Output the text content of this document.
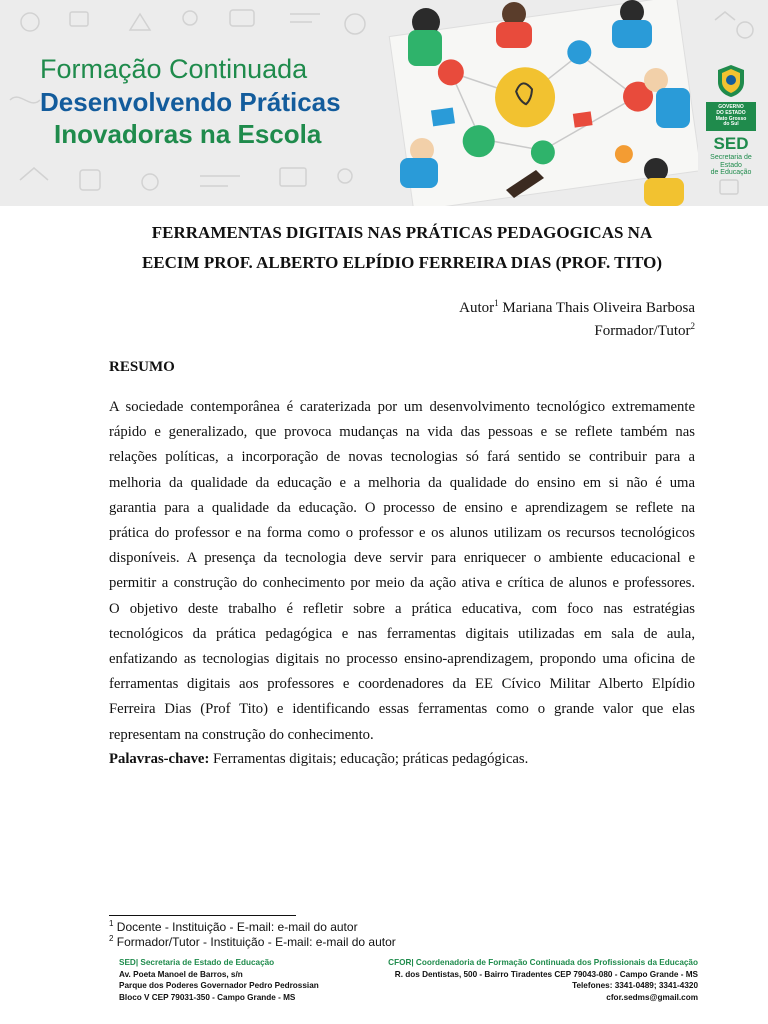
Formação Continuada
Desenvolvendo Práticas
Inovadoras na Escola
GOVERNO
DO ESTADO
Mato Grosso
do Sul
SED
Secretaria de Estado
de Educação
FERRAMENTAS DIGITAIS NAS PRÁTICAS PEDAGOGICAS NA
EECIM PROF. ALBERTO ELPÍDIO FERREIRA DIAS (PROF. TITO)
Autor$^1$ Mariana Thais Oliveira Barbosa
Formador/Tutor$^2$
RESUMO

A sociedade contemporânea é caraterizada por um desenvolvimento tecnológico extremamente
rápido e generalizado, que provoca mudanças na vida das pessoas e se reflete também nas
relações políticas, a incorporação de novas tecnologias só fará sentido se contribuir para a
melhoria da qualidade da educação e a melhoria da qualidade do ensino em si não é uma
garantia para a qualidade da educação. O processo de ensino e aprendizagem se reflete na
prática do professor e na forma como o professor e os alunos utilizam os recursos tecnológicos
disponíveis. A presença da tecnologia deve servir para enriquecer o ambiente educacional e
permitir a construção do conhecimento por meio da ação ativa e crítica de alunos e professores.
O objetivo deste trabalho é refletir sobre a prática educativa, com foco nas estratégias
tecnológicos da prática pedagógica e nas ferramentas digitais utilizadas em sala de aula,
enfatizando as tecnologias digitais no processo ensino-aprendizagem, propondo uma oficina de
ferramentas digitais aos professores e coordenadores da EE Cívico Militar Alberto Elpídio
Ferreira Dias (Prof Tito) e identificando essas ferramentas como o grande valor que elas
representam na construção do conhecimento.

Palavras-chave: Ferramentas digitais; educação; práticas pedagógicas.

$^1$ Docente - Instituição - E-mail: e-mail do autor
$^2$ Formador/Tutor - Instituição - E-mail: e-mail do autor
SED| Secretaria de Estado de Educação
Av. Poeta Manoel de Barros, s/n
Parque dos Poderes Governador Pedro Pedrossian
Bloco V CEP 79031-350 - Campo Grande - MS
CFOR| Coordenadoria de Formação Continuada dos Profissionais da Educação
R. dos Dentistas, 500 - Bairro Tiradentes CEP 79043-080 - Campo Grande - MS
Telefones: 3341-0489; 3341-4320
cfor.sedms@gmail.com
